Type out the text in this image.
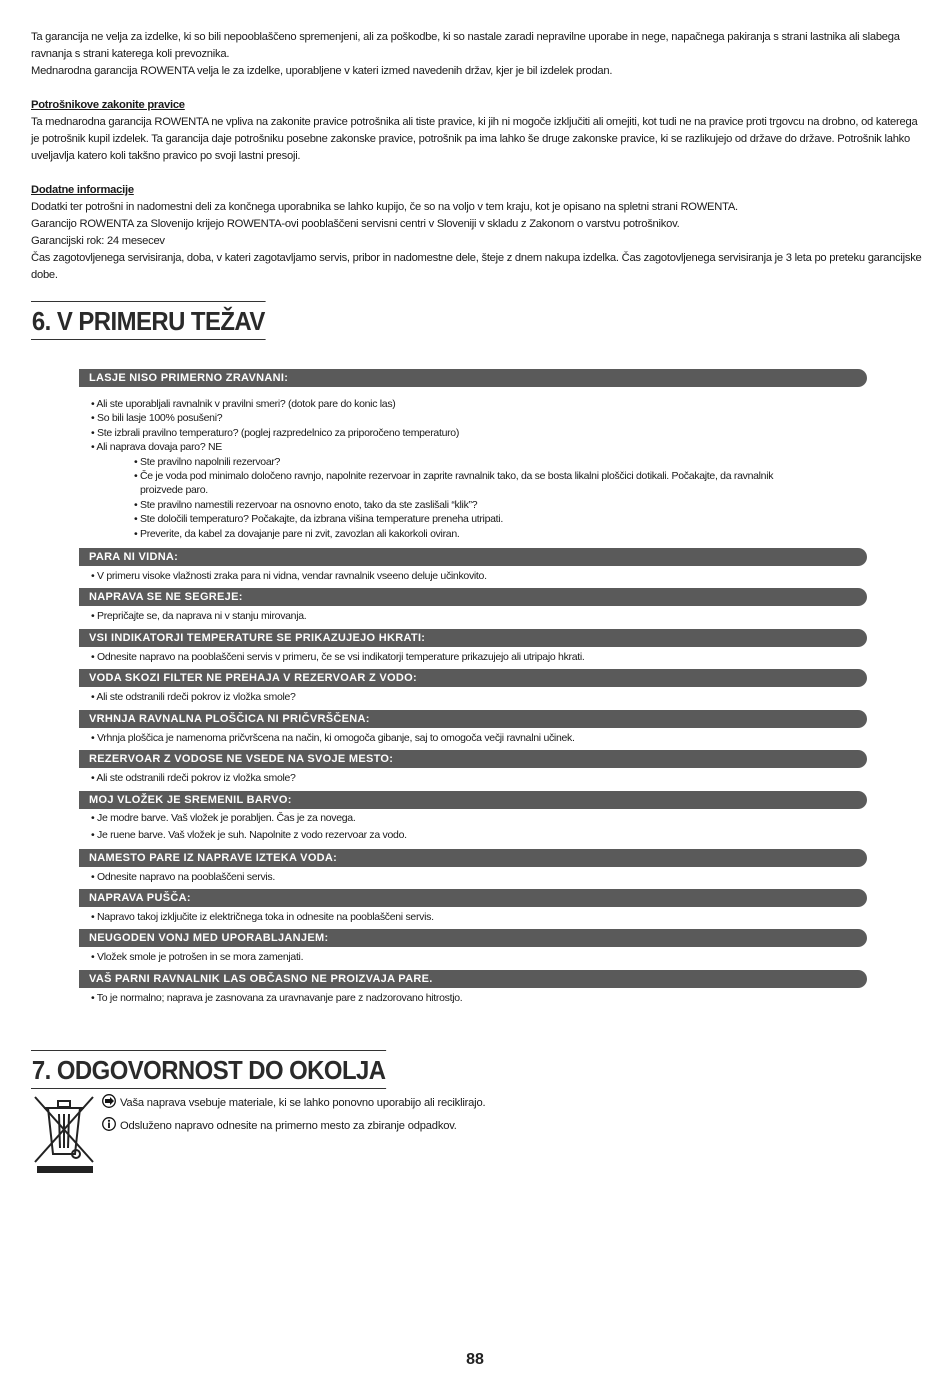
Ta garancija ne velja za izdelke, ki so bili nepooblaščeno spremenjeni, ali za poškodbe, ki so nastale zaradi nepravilne uporabe in nege, napačnega pakiranja s strani lastnika ali slabega ravnanja s strani katerega koli prevoznika.

Mednarodna garancija ROWENTA velja le za izdelke, uporabljene v kateri izmed navedenih držav, kjer je bil izdelek prodan.

Potrošnikove zakonite pravice

Ta mednarodna garancija ROWENTA ne vpliva na zakonite pravice potrošnika ali tiste pravice, ki jih ni mogoče izključiti ali omejiti, kot tudi ne na pravice proti trgovcu na drobno, od katerega je potrošnik kupil izdelek. Ta garancija daje potrošniku posebne zakonske pravice, potrošnik pa ima lahko še druge zakonske pravice, ki se razlikujejo od države do države. Potrošnik lahko uveljavlja katero koli takšno pravico po svoji lastni presoji.

Dodatne informacije

Dodatki ter potrošni in nadomestni deli za končnega uporabnika se lahko kupijo, če so na voljo v tem kraju, kot je opisano na spletni strani ROWENTA.

Garancijo ROWENTA za Slovenijo krijejo ROWENTA-ovi pooblaščeni servisni centri v Sloveniji v skladu z Zakonom o varstvu potrošnikov.

Garancijski rok: 24 mesecev

Čas zagotovljenega servisiranja, doba, v kateri zagotavljamo servis, pribor in nadomestne dele, šteje z dnem nakupa izdelka. Čas zagotovljenega servisiranja je 3 leta po preteku garancijske dobe.

6. V PRIMERU TEŽAV
LASJE NISO PRIMERNO ZRAVNANI:
• Ali ste uporabljali ravnalnik v pravilni smeri? (dotok pare do konic las)
• So bili lasje 100% posušeni?
• Ste izbrali pravilno temperaturo? (poglej razpredelnico za priporočeno temperaturo)
• Ali naprava dovaja paro? NE
• Ste pravilno napolnili rezervoar?
• Če je voda pod minimalo določeno ravnjo, napolnite rezervoar in zaprite ravnalnik tako, da se bosta likalni ploščici dotikali. Počakajte, da ravnalnik
proizvede paro.
• Ste pravilno namestili rezervoar na osnovno enoto, tako da ste zaslišali “klik”?
• Ste določili temperaturo? Počakajte, da izbrana višina temperature preneha utripati.
• Preverite, da kabel za dovajanje pare ni zvit, zavozlan ali kakorkoli oviran.
PARA NI VIDNA:
• V primeru visoke vlažnosti zraka para ni vidna, vendar ravnalnik vseeno deluje učinkovito.
NAPRAVA SE NE SEGREJE:
• Prepričajte se, da naprava ni v stanju mirovanja.
VSI INDIKATORJI TEMPERATURE SE PRIKAZUJEJO HKRATI:
• Odnesite napravo na pooblaščeni servis v primeru, če se vsi indikatorji temperature prikazujejo ali utripajo hkrati.
VODA SKOZI FILTER NE PREHAJA V REZERVOAR Z VODO:
• Ali ste odstranili rdeči pokrov iz vložka smole?
VRHNJA RAVNALNA PLOŠČICA NI PRIČVRŠČENA:
• Vrhnja ploščica je namenoma pričvršcena na način, ki omogoča gibanje, saj to omogoča večji ravnalni učinek.
REZERVOAR Z VODOSE NE VSEDE NA SVOJE MESTO:
• Ali ste odstranili rdeči pokrov iz vložka smole?
MOJ VLOŽEK JE SREMENIL BARVO:
• Je modre barve. Vaš vložek je porabljen. Čas je za novega.
• Je ruene barve. Vaš vložek je suh. Napolnite z vodo rezervoar za vodo.
NAMESTO PARE IZ NAPRAVE IZTEKA VODA:
• Odnesite napravo na pooblaščeni servis.
NAPRAVA PUŠČA:
• Napravo takoj izključite iz električnega toka in odnesite na pooblaščeni servis.
NEUGODEN VONJ MED UPORABLJANJEM:
• Vložek smole je potrošen in se mora zamenjati.
VAŠ PARNI RAVNALNIK LAS OBČASNO NE PROIZVAJA PARE.
• To je normalno; naprava je zasnovana za uravnavanje pare z nadzorovano hitrostjo.
7. ODGOVORNOST DO OKOLJA
Vaša naprava vsebuje materiale, ki se lahko ponovno uporabijo ali reciklirajo.
Odsluženo napravo odnesite na primerno mesto za zbiranje odpadkov.
88
